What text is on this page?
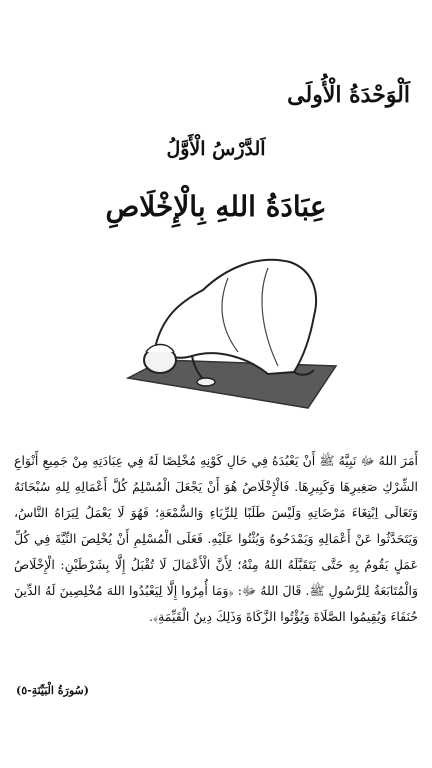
اَلْوَحْدَةُ الْأُولَى
اَلدَّرْسُ الْأَوَّلُ
عِبَادَةُ اللهِ بِالْإِخْلَاصِ

أَمَرَ اللهُ ﷻ نَبِيَّهُ ﷺ أَنْ يَعْبُدَهُ فِي حَالِ كَوْنِهِ مُخْلِصًا لَهُ فِي عِبَادَتِهِ مِنْ جَمِيعِ أَنْوَاعِ الشِّرْكِ صَغِيرِهَا وَكَبِيرِهَا. فَالْإِخْلَاصُ هُوَ أَنْ يَجْعَلَ الْمُسْلِمُ كُلَّ أَعْمَالِهِ لِلهِ سُبْحَانَهُ وَتَعَالَى اِبْتِغَاءَ مَرْضَاتِهِ وَلَيْسَ طَلَبًا لِلرِّيَاءِ وَالسُّمْعَةِ؛ فَهُوَ لَا يَعْمَلُ لِيَرَاهُ النَّاسُ، وَيَتَحَدَّثُوا عَنْ أَعْمَالِهِ وَيَمْدَحُوهُ وَيُثْنُوا عَلَيْهِ. فَعَلَى الْمُسْلِمِ أَنْ يُخْلِصَ النِّيَّةَ فِي كُلِّ عَمَلٍ يَقُومُ بِهِ حَتَّى يَتَقَبَّلَهُ اللهُ مِنْهُ؛ لِأَنَّ الْأَعْمَالَ لَا تُقْبَلُ إِلَّا بِشَرْطَيْنِ: الْإِخْلَاصُ وَالْمُتَابَعَةُ لِلرَّسُولِ ﷺ. قَالَ اللهُ ﷻ: ﴿وَمَا أُمِرُوا إِلَّا لِيَعْبُدُوا اللهَ مُخْلِصِينَ لَهُ الدِّينَ حُنَفَاءَ وَيُقِيمُوا الصَّلَاةَ وَيُؤْتُوا الزَّكَاةَ وَذَلِكَ دِينُ الْقَيِّمَةِ﴾.

(سُورَةُ الْبَيِّنَةِ-٥)
